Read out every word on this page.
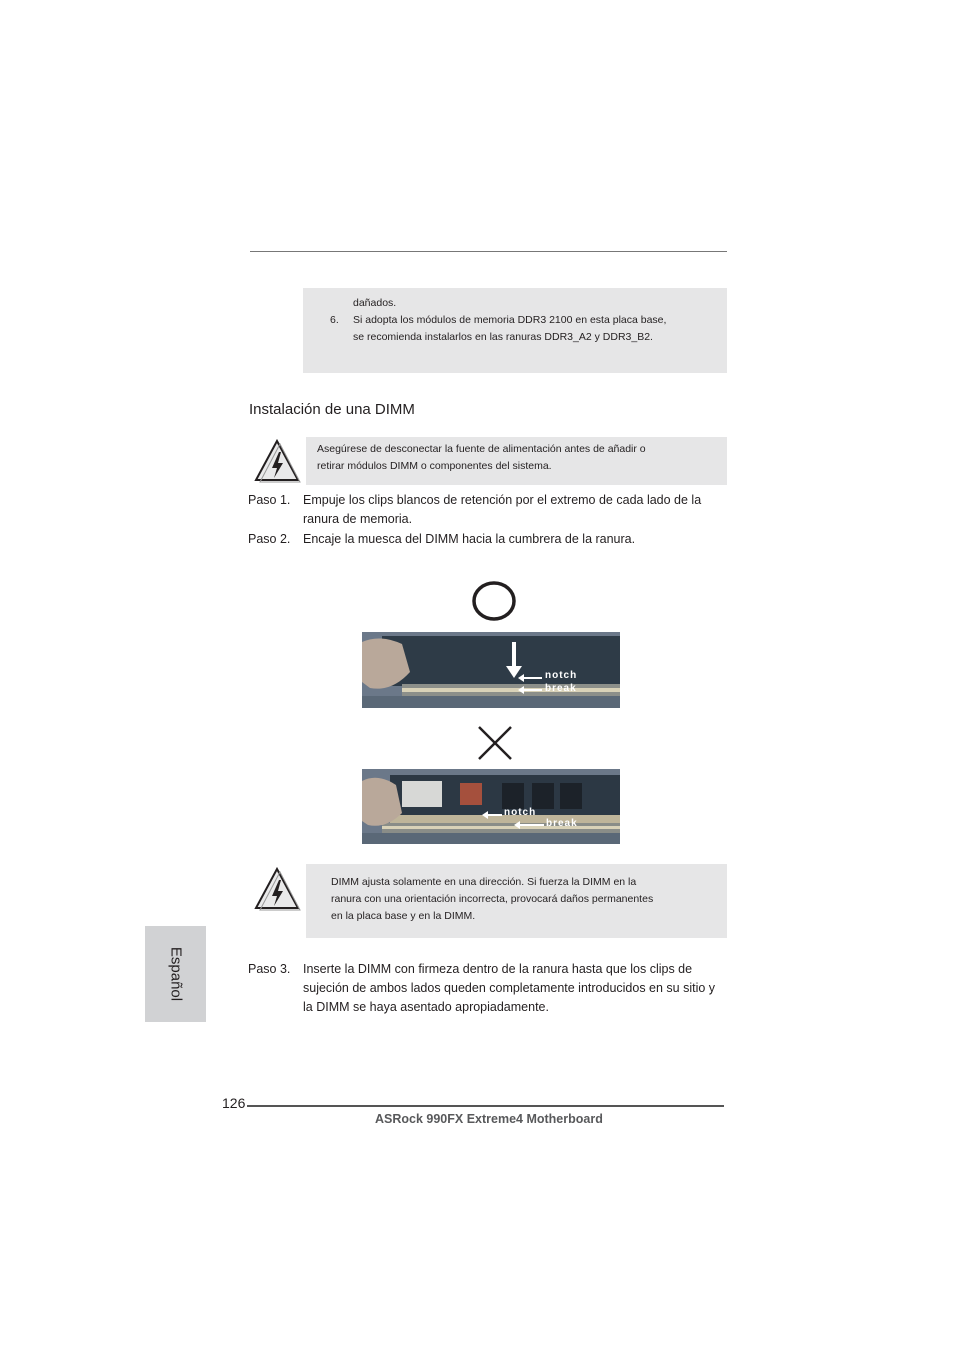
dañados.
6. Si adopta los módulos de memoria DDR3 2100 en esta placa base,
se recomienda instalarlos en las ranuras DDR3_A2 y DDR3_B2.
Instalación de una DIMM
Asegúrese de desconectar la fuente de alimentación antes de añadir o
retirar módulos DIMM o componentes del sistema.
Paso 1. Empuje los clips blancos de retención por el extremo de cada lado de la
ranura de memoria.
Paso 2. Encaje la muesca del DIMM hacia la cumbrera de la ranura.
notch
break
notch
break
DIMM ajusta solamente en una dirección. Si fuerza la DIMM en la
ranura con una orientación incorrecta, provocará daños permanentes
en la placa base y en la DIMM.
Paso 3. Inserte la DIMM con firmeza dentro de la ranura hasta que los clips de
sujeción de ambos lados queden completamente introducidos en su sitio y
la DIMM se haya asentado apropiadamente.
Español
126
ASRock 990FX Extreme4 Motherboard
